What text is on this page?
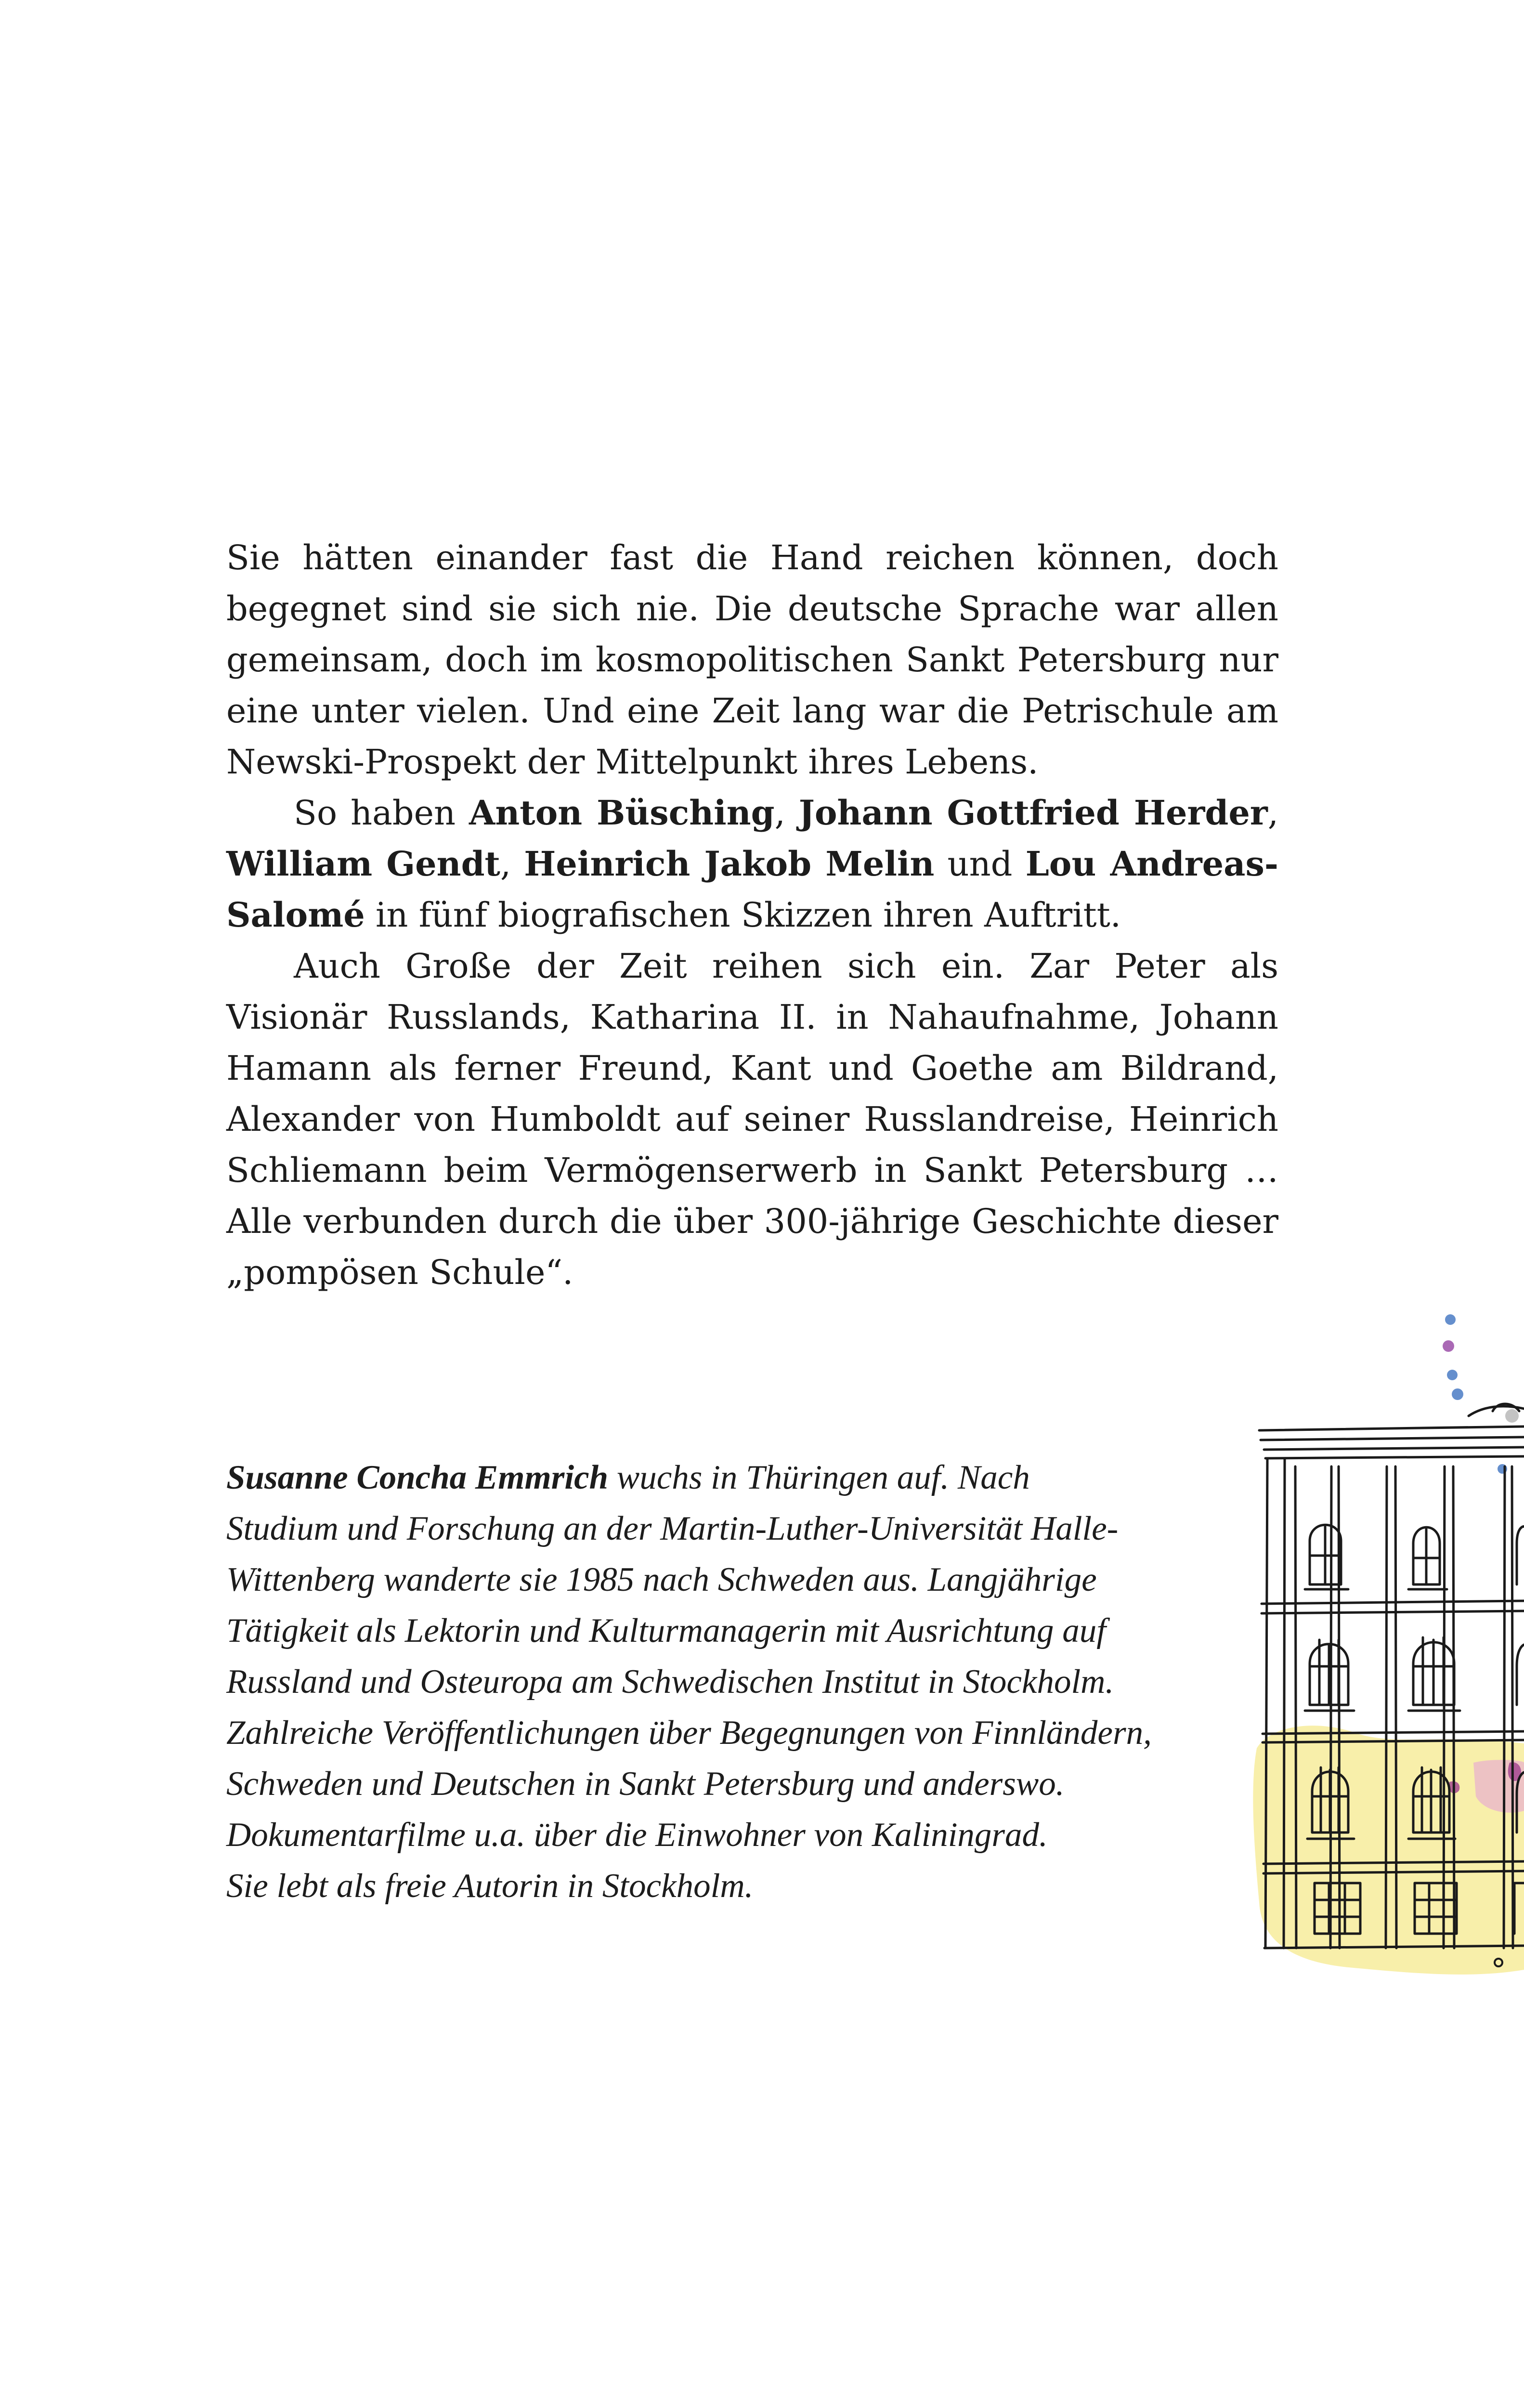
Sie hätten einander fast die Hand reichen können, doch begegnet sind sie sich nie. Die deutsche Sprache war allen gemeinsam, doch im kosmopolitischen Sankt Petersburg nur eine unter vielen. Und eine Zeit lang war die Petrischule am Newski-Prospekt der Mittelpunkt ihres Lebens.

So haben Anton Büsching, Johann Gottfried Herder, William Gendt, Heinrich Jakob Melin und Lou Andreas-Salomé in fünf biografischen Skizzen ihren Auftritt.

Auch Große der Zeit reihen sich ein. Zar Peter als Visionär Russlands, Katharina II. in Nahaufnahme, Johann Hamann als ferner Freund, Kant und Goethe am Bildrand, Alexander von Humboldt auf seiner Russlandreise, Heinrich Schliemann beim Vermögenserwerb in Sankt Petersburg … Alle verbunden durch die über 300-jährige Geschichte dieser „pompösen Schule“.

Susanne Concha Emmrich wuchs in Thüringen auf. Nach
Studium und Forschung an der Martin-Luther-Universität Halle-
Wittenberg wanderte sie 1985 nach Schweden aus. Langjährige
Tätigkeit als Lektorin und Kulturmanagerin mit Ausrichtung auf
Russland und Osteuropa am Schwedischen Institut in Stockholm.
Zahlreiche Veröffentlichungen über Begegnungen von Finnländern,
Schweden und Deutschen in Sankt Petersburg und anderswo.
Dokumentarfilme u.a. über die Einwohner von Kaliningrad.
Sie lebt als freie Autorin in Stockholm.
